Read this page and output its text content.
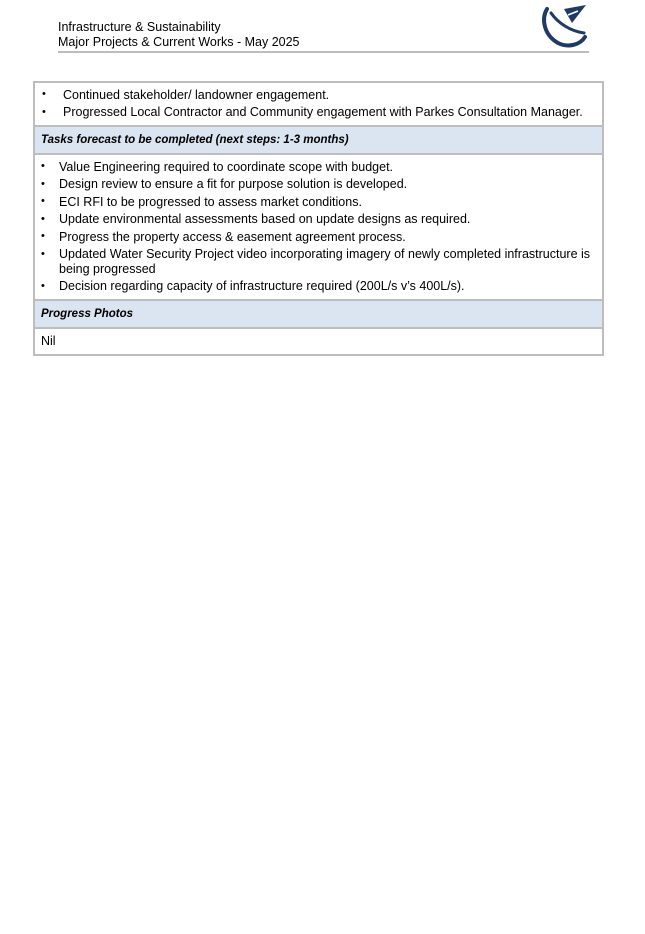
Infrastructure & Sustainability
Major Projects & Current Works - May 2025
• Continued stakeholder/ landowner engagement.
• Progressed Local Contractor and Community engagement with Parkes Consultation Manager.
Tasks forecast to be completed (next steps: 1-3 months)
• Value Engineering required to coordinate scope with budget.
• Design review to ensure a fit for purpose solution is developed.
• ECI RFI to be progressed to assess market conditions.
• Update environmental assessments based on update designs as required.
• Progress the property access & easement agreement process.
• Updated Water Security Project video incorporating imagery of newly completed infrastructure is being progressed
• Decision regarding capacity of infrastructure required (200L/s v’s 400L/s).
Progress Photos
Nil
